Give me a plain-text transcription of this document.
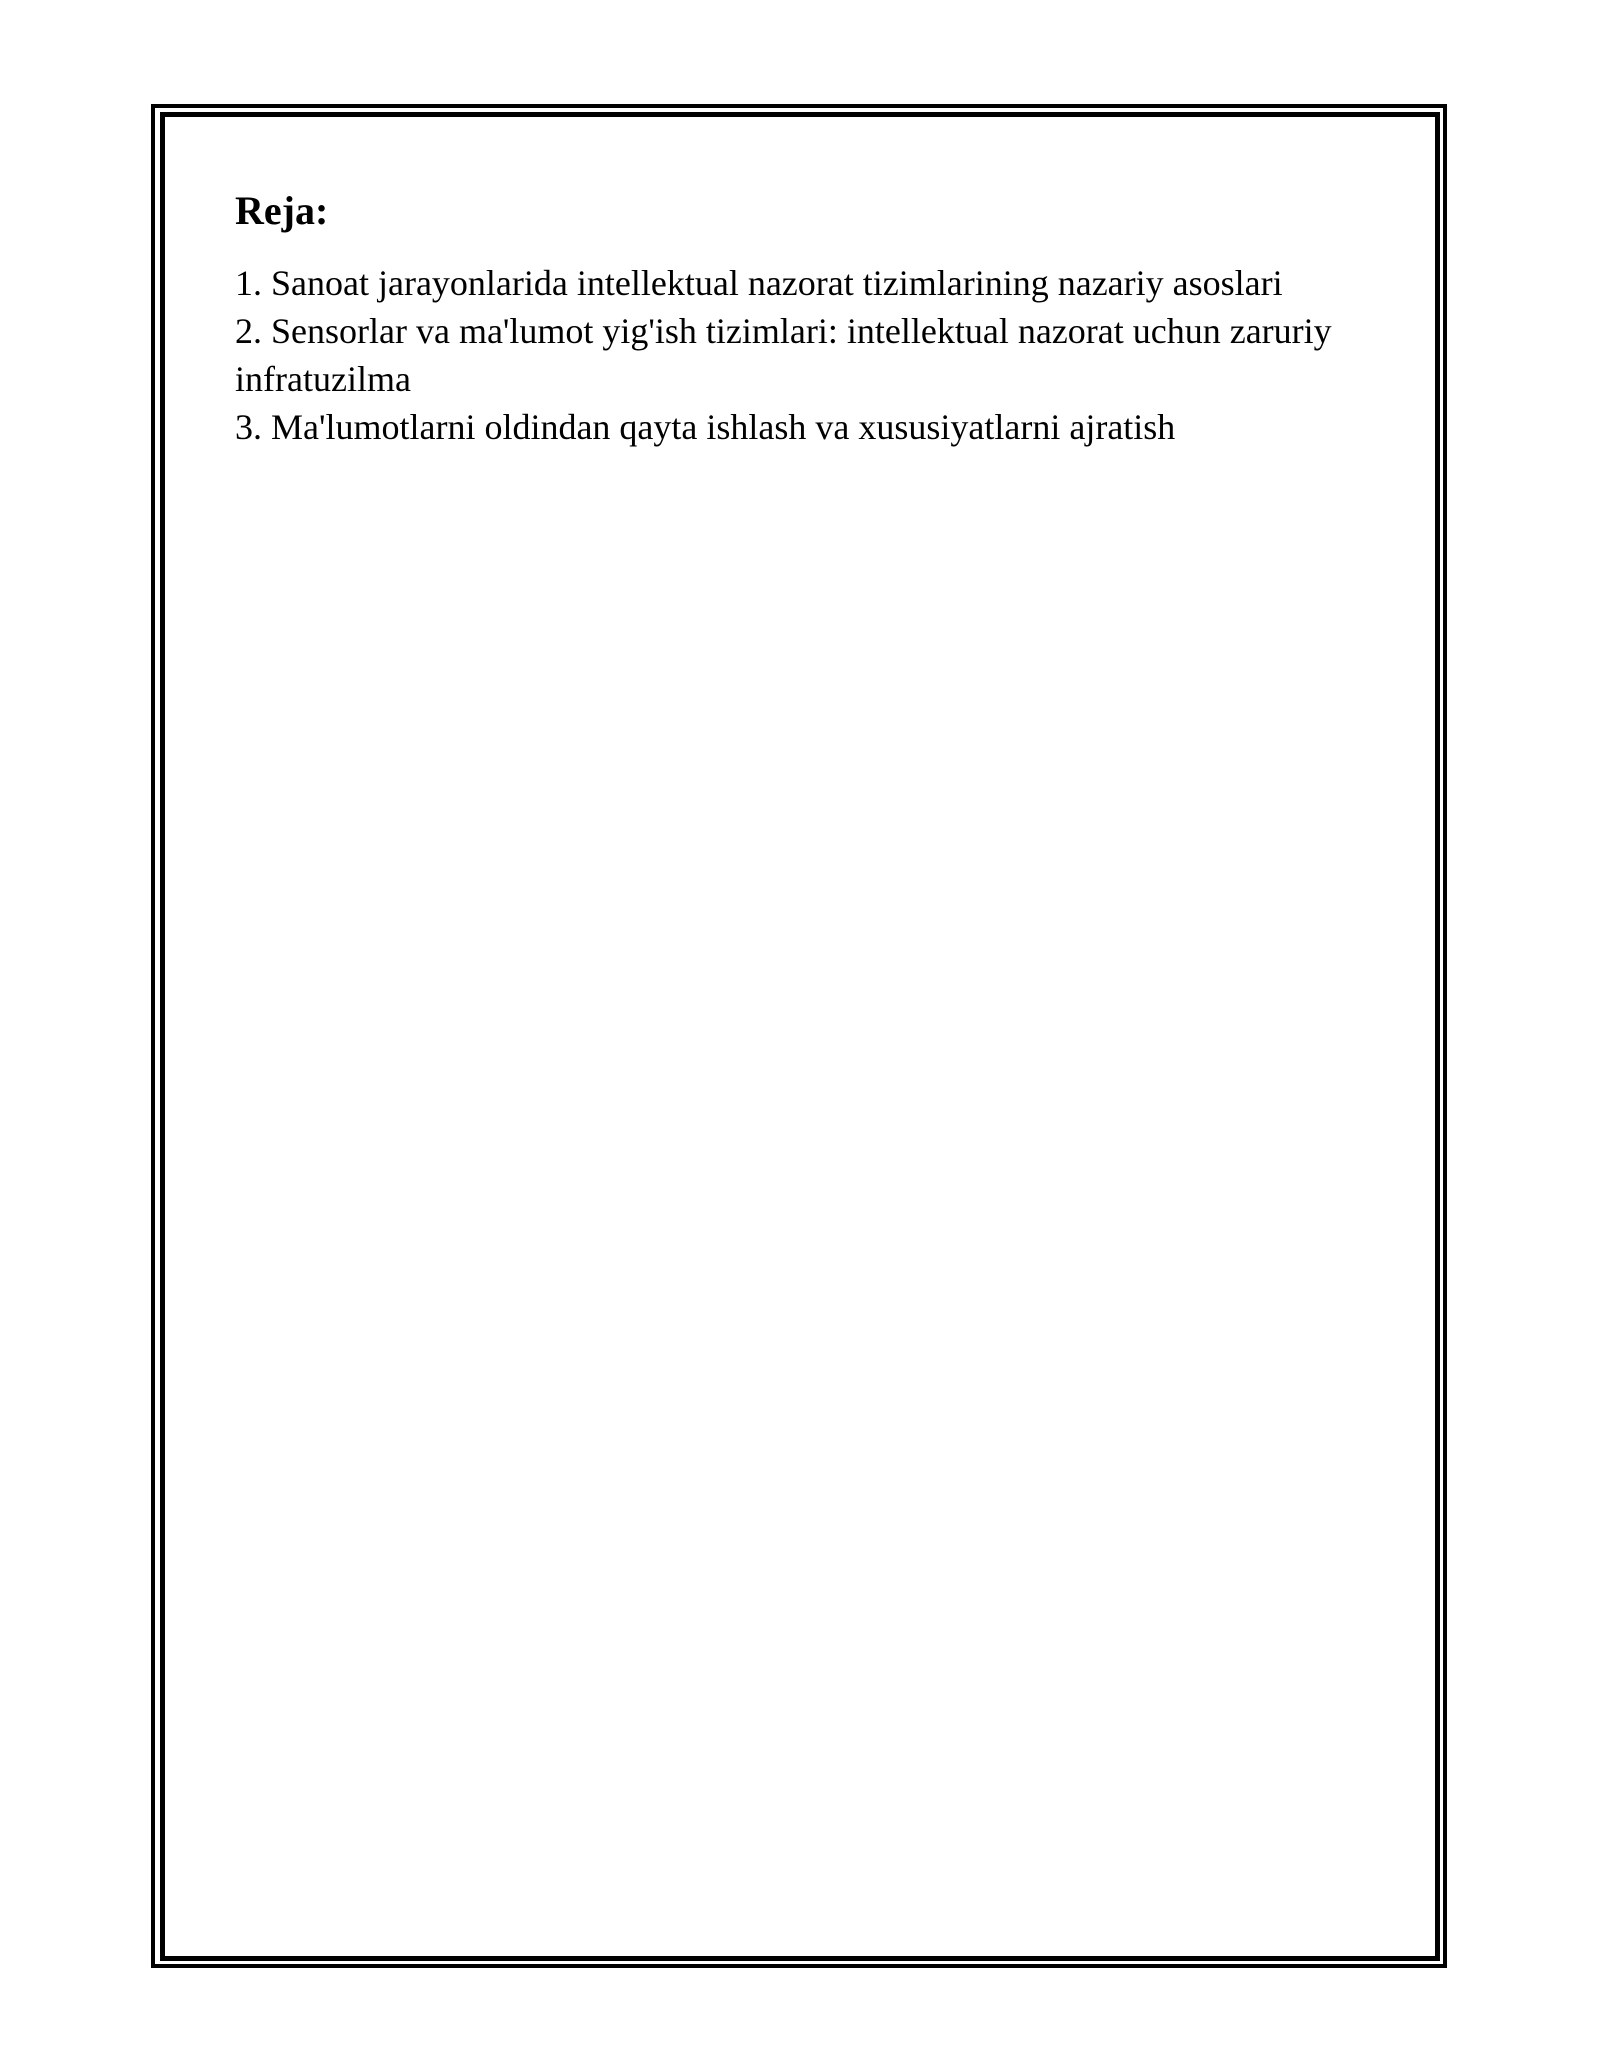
Reja:
1. Sanoat jarayonlarida intellektual nazorat tizimlarining nazariy asoslari
2. Sensorlar va ma'lumot yig'ish tizimlari: intellektual nazorat uchun zaruriy infratuzilma
3. Ma'lumotlarni oldindan qayta ishlash va xususiyatlarni ajratish
